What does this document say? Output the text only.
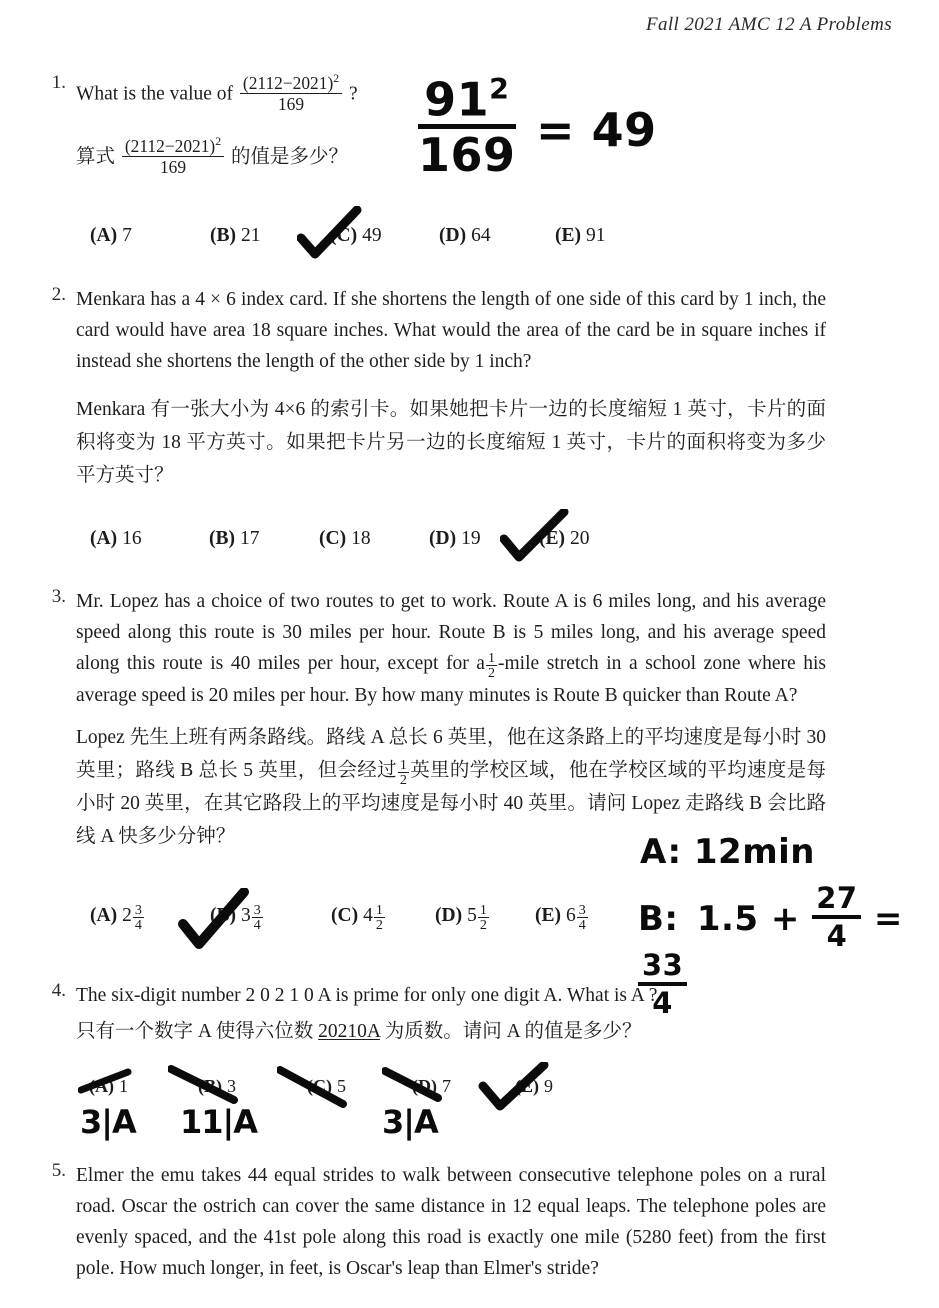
Fall 2021 AMC 12 A Problems
1.
What is the value of $\frac{(2112-2021)^2}{169}$ ?
算式 $\frac{(2112-2021)^2}{169}$ 的值是多少？	$\frac{91^2}{169} = 49$
(A) 7	(B) 21	(C) 49	(D) 64	(E) 91
2. Menkara has a 4 × 6 index card. If she shortens the length of one side of this card by 1 inch, the card would have area 18 square inches. What would the area of the card be in square inches if instead she shortens the length of the other side by 1 inch?
Menkara 有一张大小为 4×6 的索引卡。如果她把卡片一边的长度缩短 1 英寸，卡片的面积将变为 18 平方英寸。如果把卡片另一边的长度缩短 1 英寸，卡片的面积将变为多少平方英寸？
(A) 16	(B) 17	(C) 18	(D) 19	(E) 20
3. Mr. Lopez has a choice of two routes to get to work. Route A is 6 miles long, and his average speed along this route is 30 miles per hour. Route B is 5 miles long, and his average speed along this route is 40 miles per hour, except for a $\frac{1}{2}$ -mile stretch in a school zone where his average speed is 20 miles per hour. By how many minutes is Route B quicker than Route A?
Lopez 先生上班有两条路线。路线 A 总长 6 英里，他在这条路上的平均速度是每小时 30 英里；路线 B 总长 5 英里，但会经过 $\frac{1}{2}$ 英里的学校区域，他在学校区域的平均速度是每小时 20 英里，在其它路段上的平均速度是每小时 40 英里。请问 Lopez 走路线 B 会比路线 A 快多少分钟？	A: 12min
B: $1.5 + \frac{27}{4}$ =
$\frac{33}{4}$
(A) $2 \frac{3}{4}$	(B) $3 \frac{3}{4}$	(C) $4 \frac{1}{2}$	(D) $5 \frac{1}{2} (E)$ $6 \frac{3}{4}$
4. The six-digit number 2 0 2 1 0 A is prime for only one digit A. What is A ?
只有一个数字 A 使得六位数 20210A 为质数。请问 A 的值是多少？
(A) 1	(B) 3	(C) 5	(D) 7	(E) 9
3|A 11|A	3|A
5. Elmer the emu takes 44 equal strides to walk between consecutive telephone poles on a rural road. Oscar the ostrich can cover the same distance in 12 equal leaps. The telephone poles are evenly spaced, and the 41st pole along this road is exactly one mile (5280 feet) from the first pole. How much longer, in feet, is Oscar's leap than Elmer's stride?
